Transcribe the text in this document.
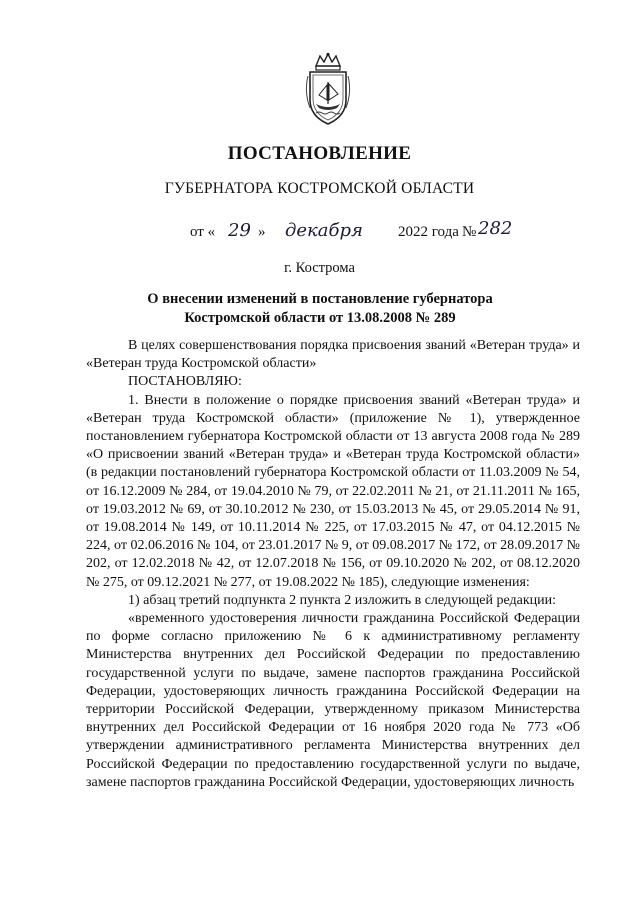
ПОСТАНОВЛЕНИЕ

ГУБЕРНАТОРА КОСТРОМСКОЙ ОБЛАСТИ

от « 29 » декабря 2022 года № 282

г. Кострома

О внесении изменений в постановление губернатора
Костромской области от 13.08.2008 № 289

В целях совершенствования порядка присвоения званий «Ветеран труда» и «Ветеран труда Костромской области»

ПОСТАНОВЛЯЮ:

1. Внести в положение о порядке присвоения званий «Ветеран труда» и «Ветеран труда Костромской области» (приложение № 1), утвержденное постановлением губернатора Костромской области от 13 августа 2008 года № 289 «О присвоении званий «Ветеран труда» и «Ветеран труда Костромской области» (в редакции постановлений губернатора Костромской области от 11.03.2009 № 54, от 16.12.2009 № 284, от 19.04.2010 № 79, от 22.02.2011 № 21, от 21.11.2011 № 165, от 19.03.2012 № 69, от 30.10.2012 № 230, от 15.03.2013 № 45, от 29.05.2014 № 91, от 19.08.2014 № 149, от 10.11.2014 № 225, от 17.03.2015 № 47, от 04.12.2015 № 224, от 02.06.2016 № 104, от 23.01.2017 № 9, от 09.08.2017 № 172, от 28.09.2017 № 202, от 12.02.2018 № 42, от 12.07.2018 № 156, от 09.10.2020 № 202, от 08.12.2020 № 275, от 09.12.2021 № 277, от 19.08.2022 № 185), следующие изменения:

1) абзац третий подпункта 2 пункта 2 изложить в следующей редакции:

«временного удостоверения личности гражданина Российской Федерации по форме согласно приложению № 6 к административному регламенту Министерства внутренних дел Российской Федерации по предоставлению государственной услуги по выдаче, замене паспортов гражданина Российской Федерации, удостоверяющих личность гражданина Российской Федерации на территории Российской Федерации, утвержденному приказом Министерства внутренних дел Российской Федерации от 16 ноября 2020 года № 773 «Об утверждении административного регламента Министерства внутренних дел Российской Федерации по предоставлению государственной услуги по выдаче, замене паспортов гражданина Российской Федерации, удостоверяющих личность
